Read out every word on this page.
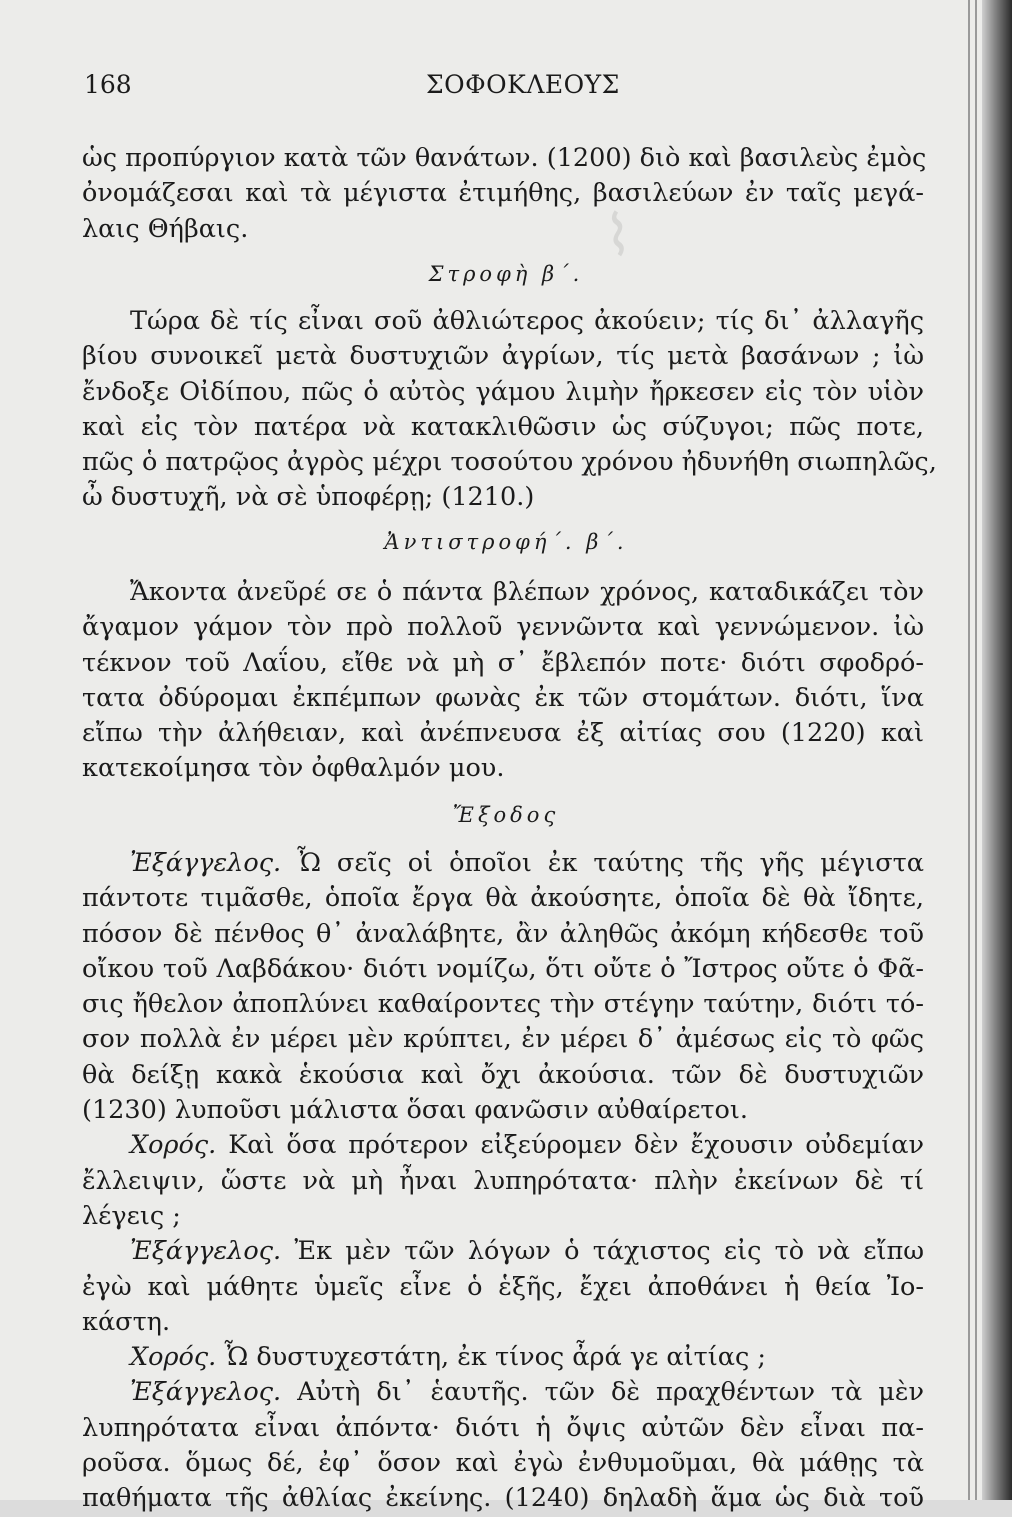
⌇
168	ΣΟΦΟΚΛΕΟΥΣ
ὡς προπύργιον κατὰ τῶν θανάτων. (1200) διὸ καὶ βασιλεὺς ἐμὸς
ὀνομάζεσαι καὶ τὰ μέγιστα ἐτιμήθης, βασιλεύων ἐν ταῖς μεγά-
λαις Θήβαις.
Στροφὴ β΄.
Τώρα δὲ τίς εἶναι σοῦ ἀθλιώτερος ἀκούειν; τίς δι᾿ ἀλλαγῆς
βίου συνοικεῖ μετὰ δυστυχιῶν ἀγρίων, τίς μετὰ βασάνων ; ἰὼ
ἔνδοξε Οἰδίπου, πῶς ὁ αὐτὸς γάμου λιμὴν ἤρκεσεν εἰς τὸν υἱὸν
καὶ εἰς τὸν πατέρα νὰ κατακλιθῶσιν ὡς σύζυγοι; πῶς ποτε,
πῶς ὁ πατρῷος ἀγρὸς μέχρι τοσούτου χρόνου ἠδυνήθη σιωπηλῶς,
ὦ δυστυχῆ, νὰ σὲ ὑποφέρῃ; (1210.)
Ἀντιστροφή΄. β΄.
Ἄκοντα ἀνεῦρέ σε ὁ πάντα βλέπων χρόνος, καταδικάζει τὸν
ἄγαμον γάμον τὸν πρὸ πολλοῦ γεννῶντα καὶ γεννώμενον. ἰὼ
τέκνον τοῦ Λαΐου, εἴθε νὰ μὴ σ᾿ ἔβλεπόν ποτε· διότι σφοδρό-
τατα ὀδύρομαι ἐκπέμπων φωνὰς ἐκ τῶν στομάτων. διότι, ἵνα
εἴπω τὴν ἀλήθειαν, καὶ ἀνέπνευσα ἐξ αἰτίας σου (1220) καὶ
κατεκοίμησα τὸν ὀφθαλμόν μου.
Ἔξοδος
Ἐξάγγελος. Ὦ σεῖς οἱ ὁποῖοι ἐκ ταύτης τῆς γῆς μέγιστα
πάντοτε τιμᾶσθε, ὁποῖα ἔργα θὰ ἀκούσητε, ὁποῖα δὲ θὰ ἴδητε,
πόσον δὲ πένθος θ᾿ ἀναλάβητε, ἂν ἀληθῶς ἀκόμη κήδεσθε τοῦ
οἴκου τοῦ Λαβδάκου· διότι νομίζω, ὅτι οὔτε ὁ Ἴστρος οὔτε ὁ Φᾶ-
σις ἤθελον ἀποπλύνει καθαίροντες τὴν στέγην ταύτην, διότι τό-
σον πολλὰ ἐν μέρει μὲν κρύπτει, ἐν μέρει δ᾿ ἀμέσως εἰς τὸ φῶς
θὰ δείξῃ κακὰ ἑκούσια καὶ ὄχι ἀκούσια. τῶν δὲ δυστυχιῶν
(1230) λυποῦσι μάλιστα ὅσαι φανῶσιν αὐθαίρετοι.
Χορός. Καὶ ὅσα πρότερον εἰξεύρομεν δὲν ἔχουσιν οὐδεμίαν
ἔλλειψιν, ὥστε νὰ μὴ ἦναι λυπηρότατα· πλὴν ἐκείνων δὲ τί
λέγεις ;
Ἐξάγγελος. Ἐκ μὲν τῶν λόγων ὁ τάχιστος εἰς τὸ νὰ εἴπω
ἐγὼ καὶ μάθητε ὑμεῖς εἶνε ὁ ἑξῆς, ἔχει ἀποθάνει ἡ θεία Ἰο-
κάστη.
Χορός. Ὦ δυστυχεστάτη, ἐκ τίνος ἆρά γε αἰτίας ;
Ἐξάγγελος. Αὐτὴ δι᾿ ἑαυτῆς. τῶν δὲ πραχθέντων τὰ μὲν
λυπηρότατα εἶναι ἀπόντα· διότι ἡ ὄψις αὐτῶν δὲν εἶναι πα-
ροῦσα. ὅμως δέ, ἐφ᾿ ὅσον καὶ ἐγὼ ἐνθυμοῦμαι, θὰ μάθῃς τὰ
παθήματα τῆς ἀθλίας ἐκείνης. (1240) δηλαδὴ ἅμα ὡς διὰ τοῦ
